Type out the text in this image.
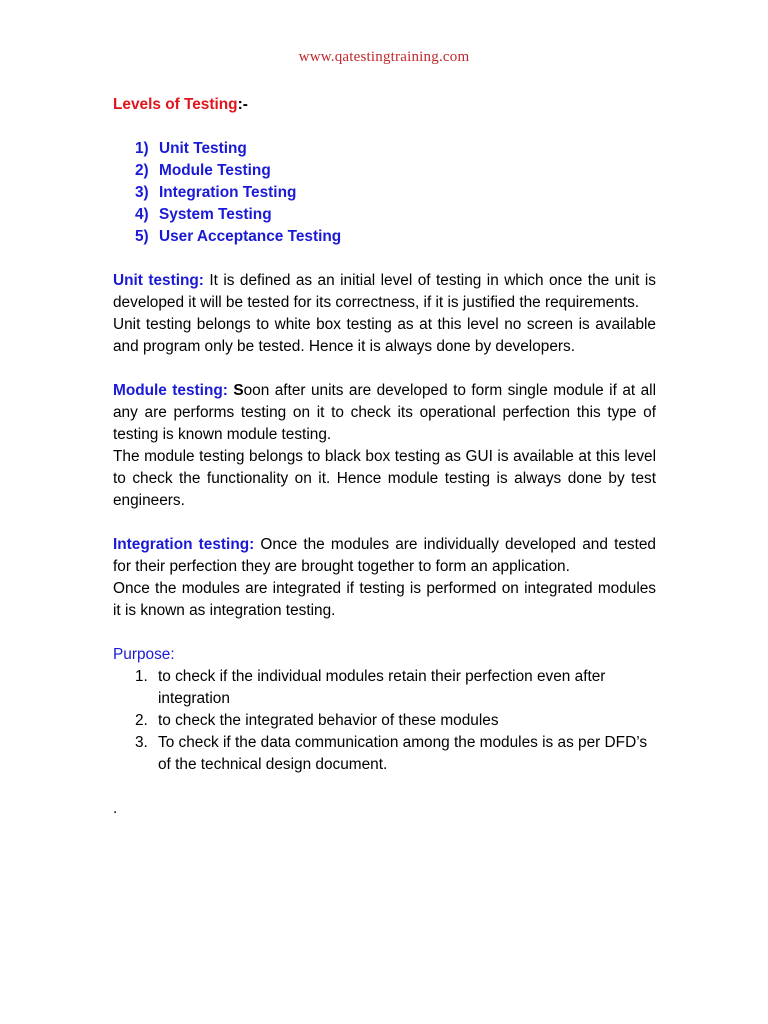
www.qatestingtraining.com
Levels of Testing:-
1) Unit Testing
2) Module Testing
3) Integration Testing
4) System Testing
5) User Acceptance Testing

Unit testing: It is defined as an initial level of testing in which once the unit is developed it will be tested for its correctness, if it is justified the requirements.

Unit testing belongs to white box testing as at this level no screen is available and program only be tested. Hence it is always done by developers.

Module testing: Soon after units are developed to form single module if at all any are performs testing on it to check its operational perfection this type of testing is known module testing.

The module testing belongs to black box testing as GUI is available at this level to check the functionality on it. Hence module testing is always done by test engineers.

Integration testing: Once the modules are individually developed and tested for their perfection they are brought together to form an application.

Once the modules are integrated if testing is performed on integrated modules it is known as integration testing.

Purpose:
1. to check if the individual modules retain their perfection even after integration
2. to check the integrated behavior of these modules
3. To check if the data communication among the modules is as per DFD’s of the technical design document.
.
